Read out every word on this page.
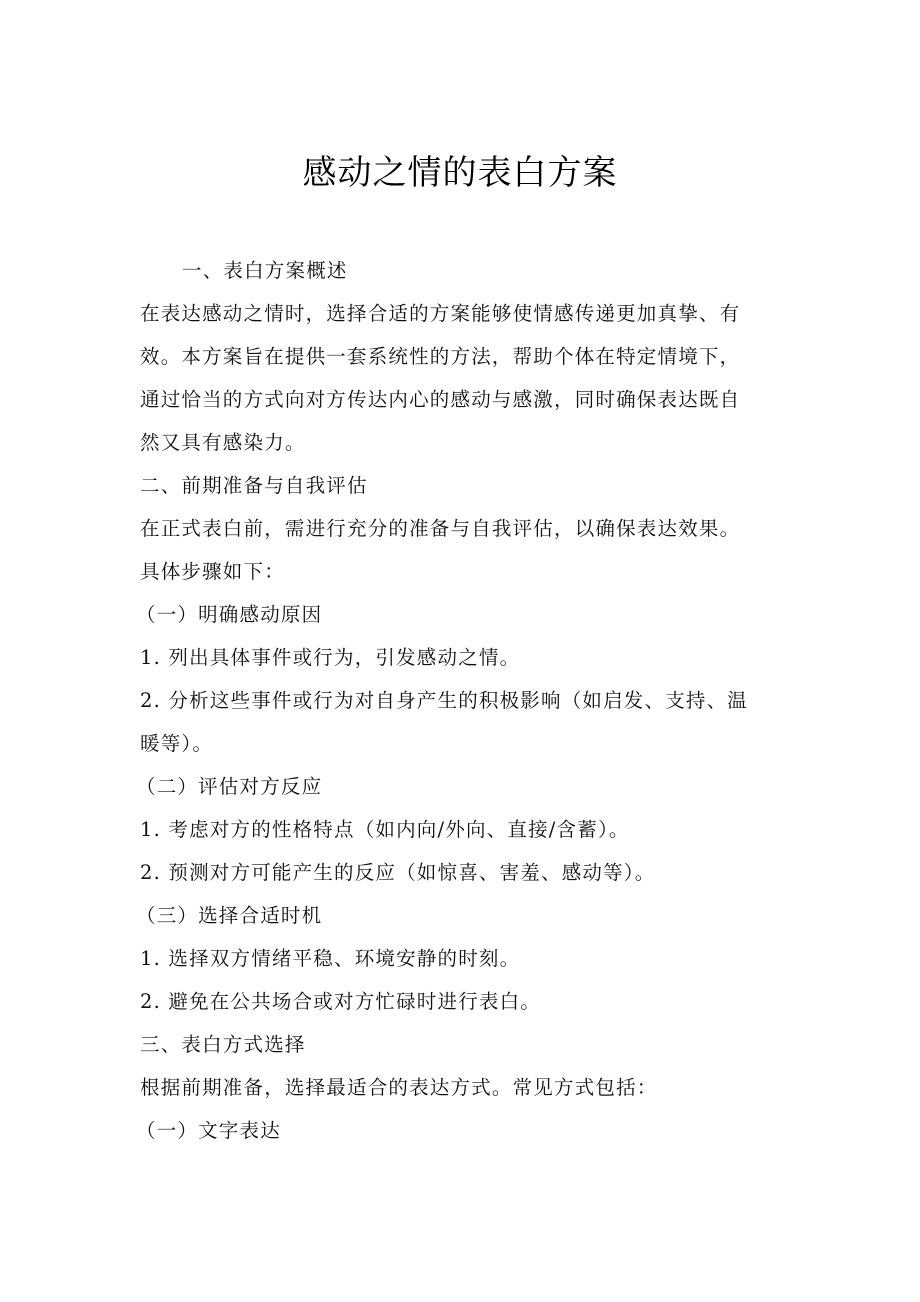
感动之情的表白方案
一、表白方案概述
在表达感动之情时，选择合适的方案能够使情感传递更加真挚、有
效。本方案旨在提供一套系统性的方法，帮助个体在特定情境下，
通过恰当的方式向对方传达内心的感动与感激，同时确保表达既自
然又具有感染力。
二、前期准备与自我评估
在正式表白前，需进行充分的准备与自我评估，以确保表达效果。
具体步骤如下：
（一）明确感动原因
1. 列出具体事件或行为，引发感动之情。
2. 分析这些事件或行为对自身产生的积极影响（如启发、支持、温
暖等）。
（二）评估对方反应
1. 考虑对方的性格特点（如内向/外向、直接/含蓄）。
2. 预测对方可能产生的反应（如惊喜、害羞、感动等）。
（三）选择合适时机
1. 选择双方情绪平稳、环境安静的时刻。
2. 避免在公共场合或对方忙碌时进行表白。
三、表白方式选择
根据前期准备，选择最适合的表达方式。常见方式包括：
（一）文字表达
